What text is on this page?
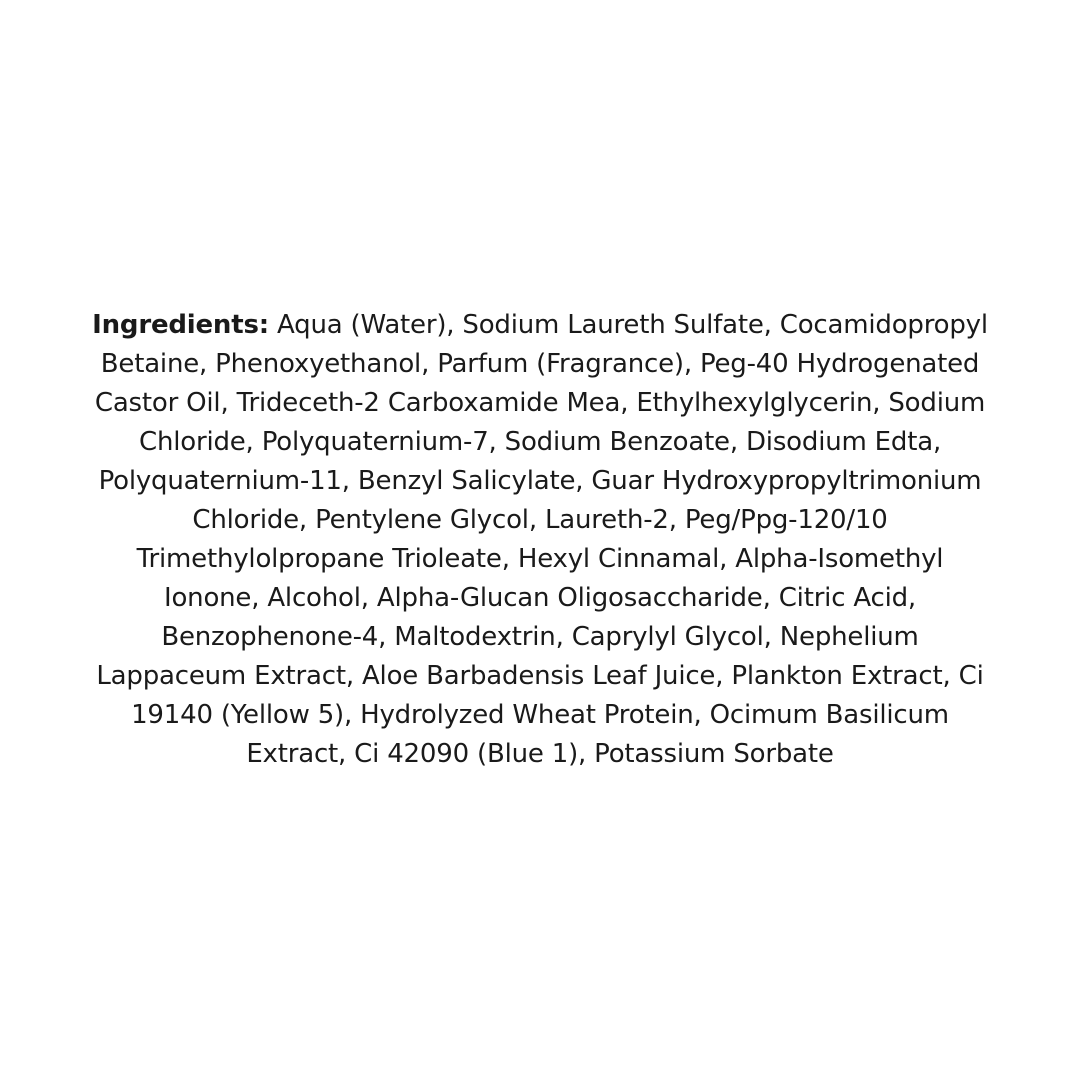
Ingredients: Aqua (Water), Sodium Laureth Sulfate, Cocamidopropyl
Betaine, Phenoxyethanol, Parfum (Fragrance), Peg-40 Hydrogenated
Castor Oil, Trideceth-2 Carboxamide Mea, Ethylhexylglycerin, Sodium
Chloride, Polyquaternium-7, Sodium Benzoate, Disodium Edta,
Polyquaternium-11, Benzyl Salicylate, Guar Hydroxypropyltrimonium
Chloride, Pentylene Glycol, Laureth-2, Peg/Ppg-120/10
Trimethylolpropane Trioleate, Hexyl Cinnamal, Alpha-Isomethyl
Ionone, Alcohol, Alpha-Glucan Oligosaccharide, Citric Acid,
Benzophenone-4, Maltodextrin, Caprylyl Glycol, Nephelium
Lappaceum Extract, Aloe Barbadensis Leaf Juice, Plankton Extract, Ci
19140 (Yellow 5), Hydrolyzed Wheat Protein, Ocimum Basilicum
Extract, Ci 42090 (Blue 1), Potassium Sorbate
